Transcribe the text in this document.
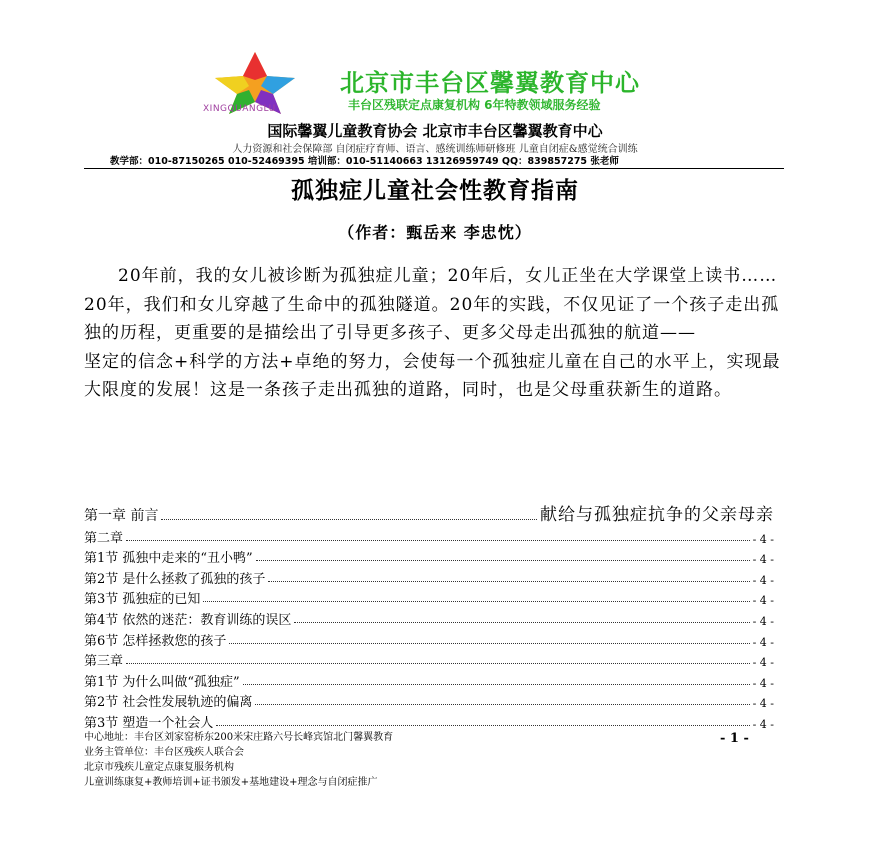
XINGQUANGLU
北京市丰台区馨翼教育中心
丰台区残联定点康复机构 6年特教领域服务经验
国际馨翼儿童教育协会 北京市丰台区馨翼教育中心
人力资源和社会保障部 自闭症疗育师、语言、感统训练师研修班 儿童自闭症&感觉统合训练
教学部：010-87150265 010-52469395 培训部：010-51140663 13126959749 QQ：839857275 张老师
孤独症儿童社会性教育指南
（作者：甄岳来 李忠忱）

20年前，我的女儿被诊断为孤独症儿童；20年后，女儿正坐在大学课堂上读书……20年，我们和女儿穿越了生命中的孤独隧道。20年的实践，不仅见证了一个孩子走出孤独的历程，更重要的是描绘出了引导更多孩子、更多父母走出孤独的航道——

坚定的信念+科学的方法+卓绝的努力，会使每一个孤独症儿童在自己的水平上，实现最大限度的发展！这是一条孩子走出孤独的道路，同时，也是父母重获新生的道路。

第一章 前言	献给与孤独症抗争的父亲母亲
第二章	- 4 -
第1节 孤独中走来的“丑小鸭”	- 4 -
第2节 是什么拯救了孤独的孩子	- 4 -
第3节 孤独症的已知	- 4 -
第4节 依然的迷茫：教育训练的误区	- 4 -
第6节 怎样拯救您的孩子	- 4 -
第三章	- 4 -
第1节 为什么叫做“孤独症”	- 4 -
第2节 社会性发展轨迹的偏离	- 4 -
第3节 塑造一个社会人	- 4 -
中心地址：丰台区刘家窑桥东200米宋庄路六号长峰宾馆北门馨翼教育
业务主管单位：丰台区残疾人联合会
北京市残疾儿童定点康复服务机构
儿童训练康复+教师培训+证书颁发+基地建设+理念与自闭症推广
- 1 -
